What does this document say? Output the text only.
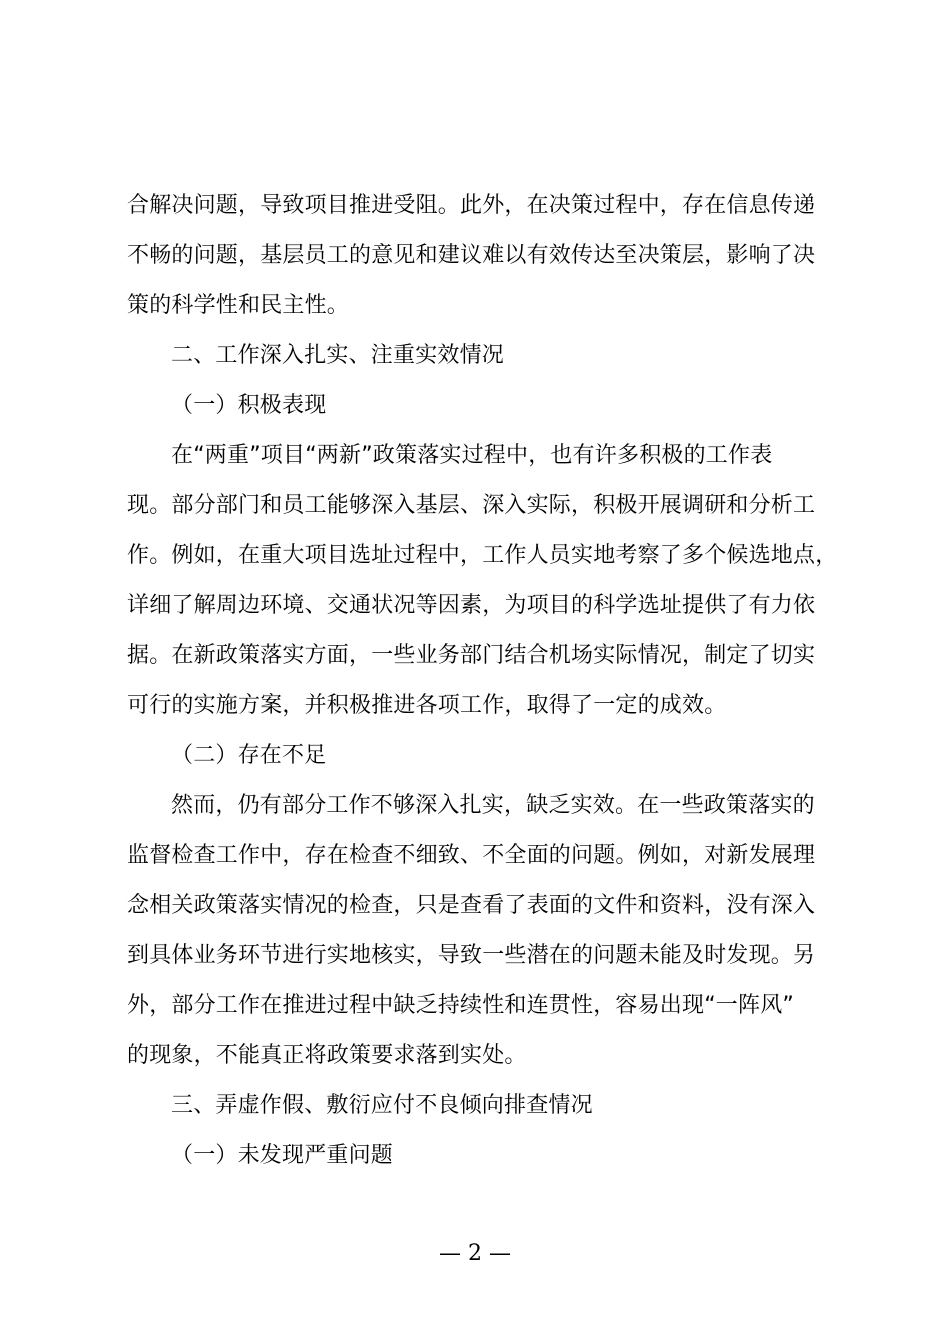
合解决问题，导致项目推进受阻。此外，在决策过程中，存在信息传递
不畅的问题，基层员工的意见和建议难以有效传达至决策层，影响了决
策的科学性和民主性。
二、工作深入扎实、注重实效情况
（一）积极表现
在“两重”项目“两新”政策落实过程中，也有许多积极的工作表
现。部分部门和员工能够深入基层、深入实际，积极开展调研和分析工
作。例如，在重大项目选址过程中，工作人员实地考察了多个候选地点，
详细了解周边环境、交通状况等因素，为项目的科学选址提供了有力依
据。在新政策落实方面，一些业务部门结合机场实际情况，制定了切实
可行的实施方案，并积极推进各项工作，取得了一定的成效。
（二）存在不足
然而，仍有部分工作不够深入扎实，缺乏实效。在一些政策落实的
监督检查工作中，存在检查不细致、不全面的问题。例如，对新发展理
念相关政策落实情况的检查，只是查看了表面的文件和资料，没有深入
到具体业务环节进行实地核实，导致一些潜在的问题未能及时发现。另
外，部分工作在推进过程中缺乏持续性和连贯性，容易出现“一阵风”
的现象，不能真正将政策要求落到实处。
三、弄虚作假、敷衍应付不良倾向排查情况
（一）未发现严重问题
— 2 —
